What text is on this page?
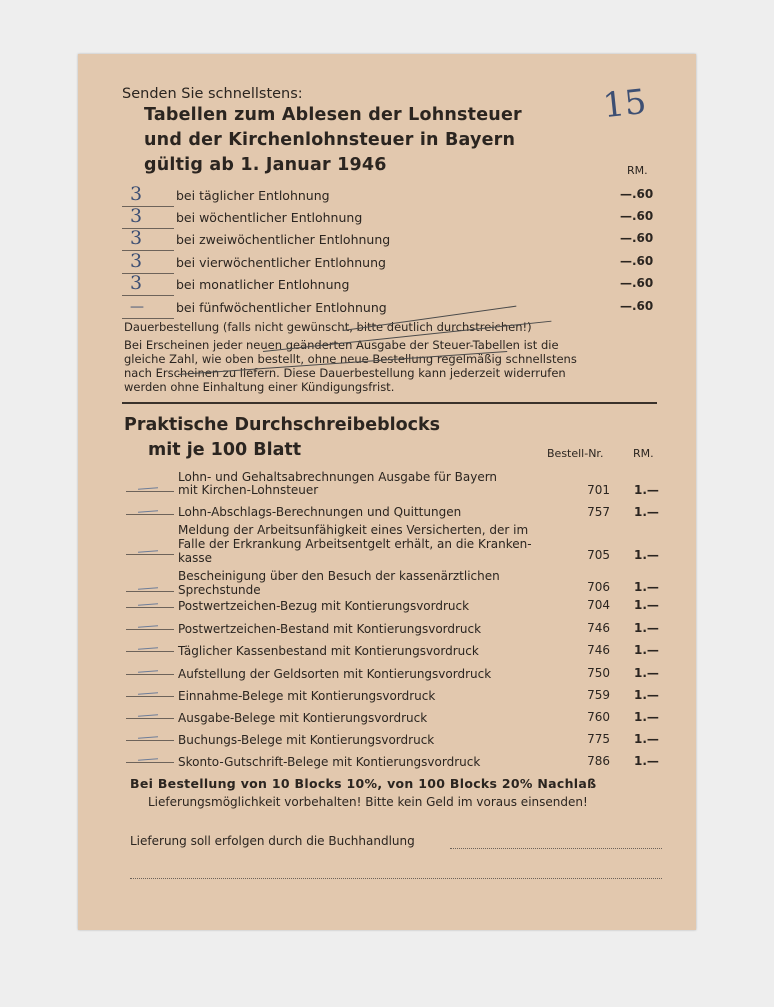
Senden Sie schnellstens:
Tabellen zum Ablesen der Lohnsteuer
und der Kirchenlohnsteuer in Bayern
gültig ab 1. Januar 1946	RM.
15
3	bei täglicher Entlohnung	—.60
3	bei wöchentlicher Entlohnung	—.60
3	bei zweiwöchentlicher Entlohnung	—.60
3	bei vierwöchentlicher Entlohnung	—.60
3	bei monatlicher Entlohnung	—.60
—	bei fünfwöchentlicher Entlohnung	—.60
Dauerbestellung (falls nicht gewünscht, bitte deutlich durchstreichen!)
Bei Erscheinen jeder neuen geänderten Ausgabe der Steuer-Tabellen ist die
gleiche Zahl, wie oben bestellt, ohne neue Bestellung regelmäßig schnellstens
nach Erscheinen zu liefern. Diese Dauerbestellung kann jederzeit widerrufen
werden ohne Einhaltung einer Kündigungsfrist.
Praktische Durchschreibeblocks
mit je 100 Blatt	Bestell-Nr.	RM.
Lohn- und Gehaltsabrechnungen Ausgabe für Bayern
mit Kirchen-Lohnsteuer	701 1.—
Lohn-Abschlags-Berechnungen und Quittungen	757 1.—
Meldung der Arbeitsunfähigkeit eines Versicherten, der im
Falle der Erkrankung Arbeitsentgelt erhält, an die Kranken-
kasse	705 1.—
Bescheinigung über den Besuch der kassenärztlichen
Sprechstunde	706 1.—
Postwertzeichen-Bezug mit Kontierungsvordruck	704 1.—
Postwertzeichen-Bestand mit Kontierungsvordruck	746 1.—
Täglicher Kassenbestand mit Kontierungsvordruck	746 1.—
Aufstellung der Geldsorten mit Kontierungsvordruck	750 1.—
Einnahme-Belege mit Kontierungsvordruck	759 1.—
Ausgabe-Belege mit Kontierungsvordruck	760 1.—
Buchungs-Belege mit Kontierungsvordruck	775 1.—
Skonto-Gutschrift-Belege mit Kontierungsvordruck	786 1.—
Bei Bestellung von 10 Blocks 10%, von 100 Blocks 20% Nachlaß
Lieferungsmöglichkeit vorbehalten! Bitte kein Geld im voraus einsenden!
Lieferung soll erfolgen durch die Buchhandlung
